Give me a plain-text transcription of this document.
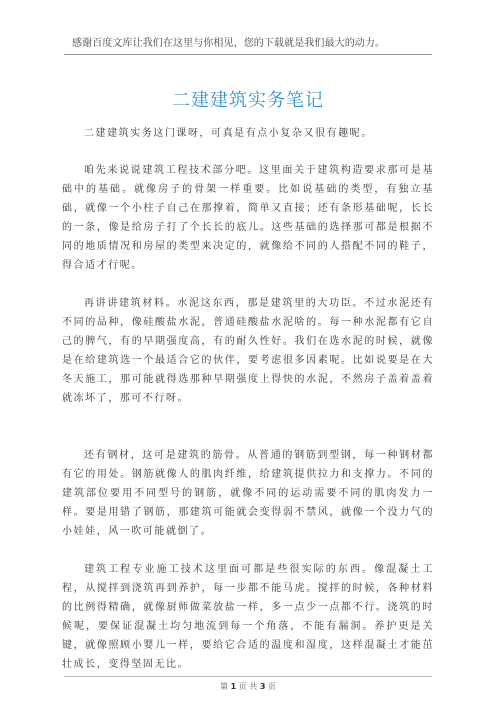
感谢百度文库让我们在这里与你相见，您的下载就是我们最大的动力。
二建建筑实务笔记

二建建筑实务这门课呀，可真是有点小复杂又很有趣呢。

咱先来说说建筑工程技术部分吧。这里面关于建筑构造要求那可是基础中的基础。就像房子的骨架一样重要。比如说基础的类型，有独立基础，就像一个小柱子自己在那撑着，简单又直接；还有条形基础呢，长长的一条，像是给房子打了个长长的底儿。这些基础的选择那可都是根据不同的地质情况和房屋的类型来决定的，就像给不同的人搭配不同的鞋子，得合适才行呢。

再讲讲建筑材料。水泥这东西，那是建筑里的大功臣。不过水泥还有不同的品种，像硅酸盐水泥，普通硅酸盐水泥啥的。每一种水泥都有它自己的脾气，有的早期强度高，有的耐久性好。我们在选水泥的时候，就像是在给建筑选一个最适合它的伙伴，要考虑很多因素呢。比如说要是在大冬天施工，那可能就得选那种早期强度上得快的水泥，不然房子盖着盖着就冻坏了，那可不行呀。

还有钢材，这可是建筑的筋骨。从普通的钢筋到型钢，每一种钢材都有它的用处。钢筋就像人的肌肉纤维，给建筑提供拉力和支撑力。不同的建筑部位要用不同型号的钢筋，就像不同的运动需要不同的肌肉发力一样。要是用错了钢筋，那建筑可能就会变得弱不禁风，就像一个没力气的小娃娃，风一吹可能就倒了。

建筑工程专业施工技术这里面可都是些很实际的东西。像混凝土工程，从搅拌到浇筑再到养护，每一步都不能马虎。搅拌的时候，各种材料的比例得精确，就像厨师做菜放盐一样，多一点少一点都不行。浇筑的时候呢，要保证混凝土均匀地流到每一个角落，不能有漏洞。养护更是关键，就像照顾小婴儿一样，要给它合适的温度和湿度，这样混凝土才能茁壮成长，变得坚固无比。

第 1 页 共 3 页
